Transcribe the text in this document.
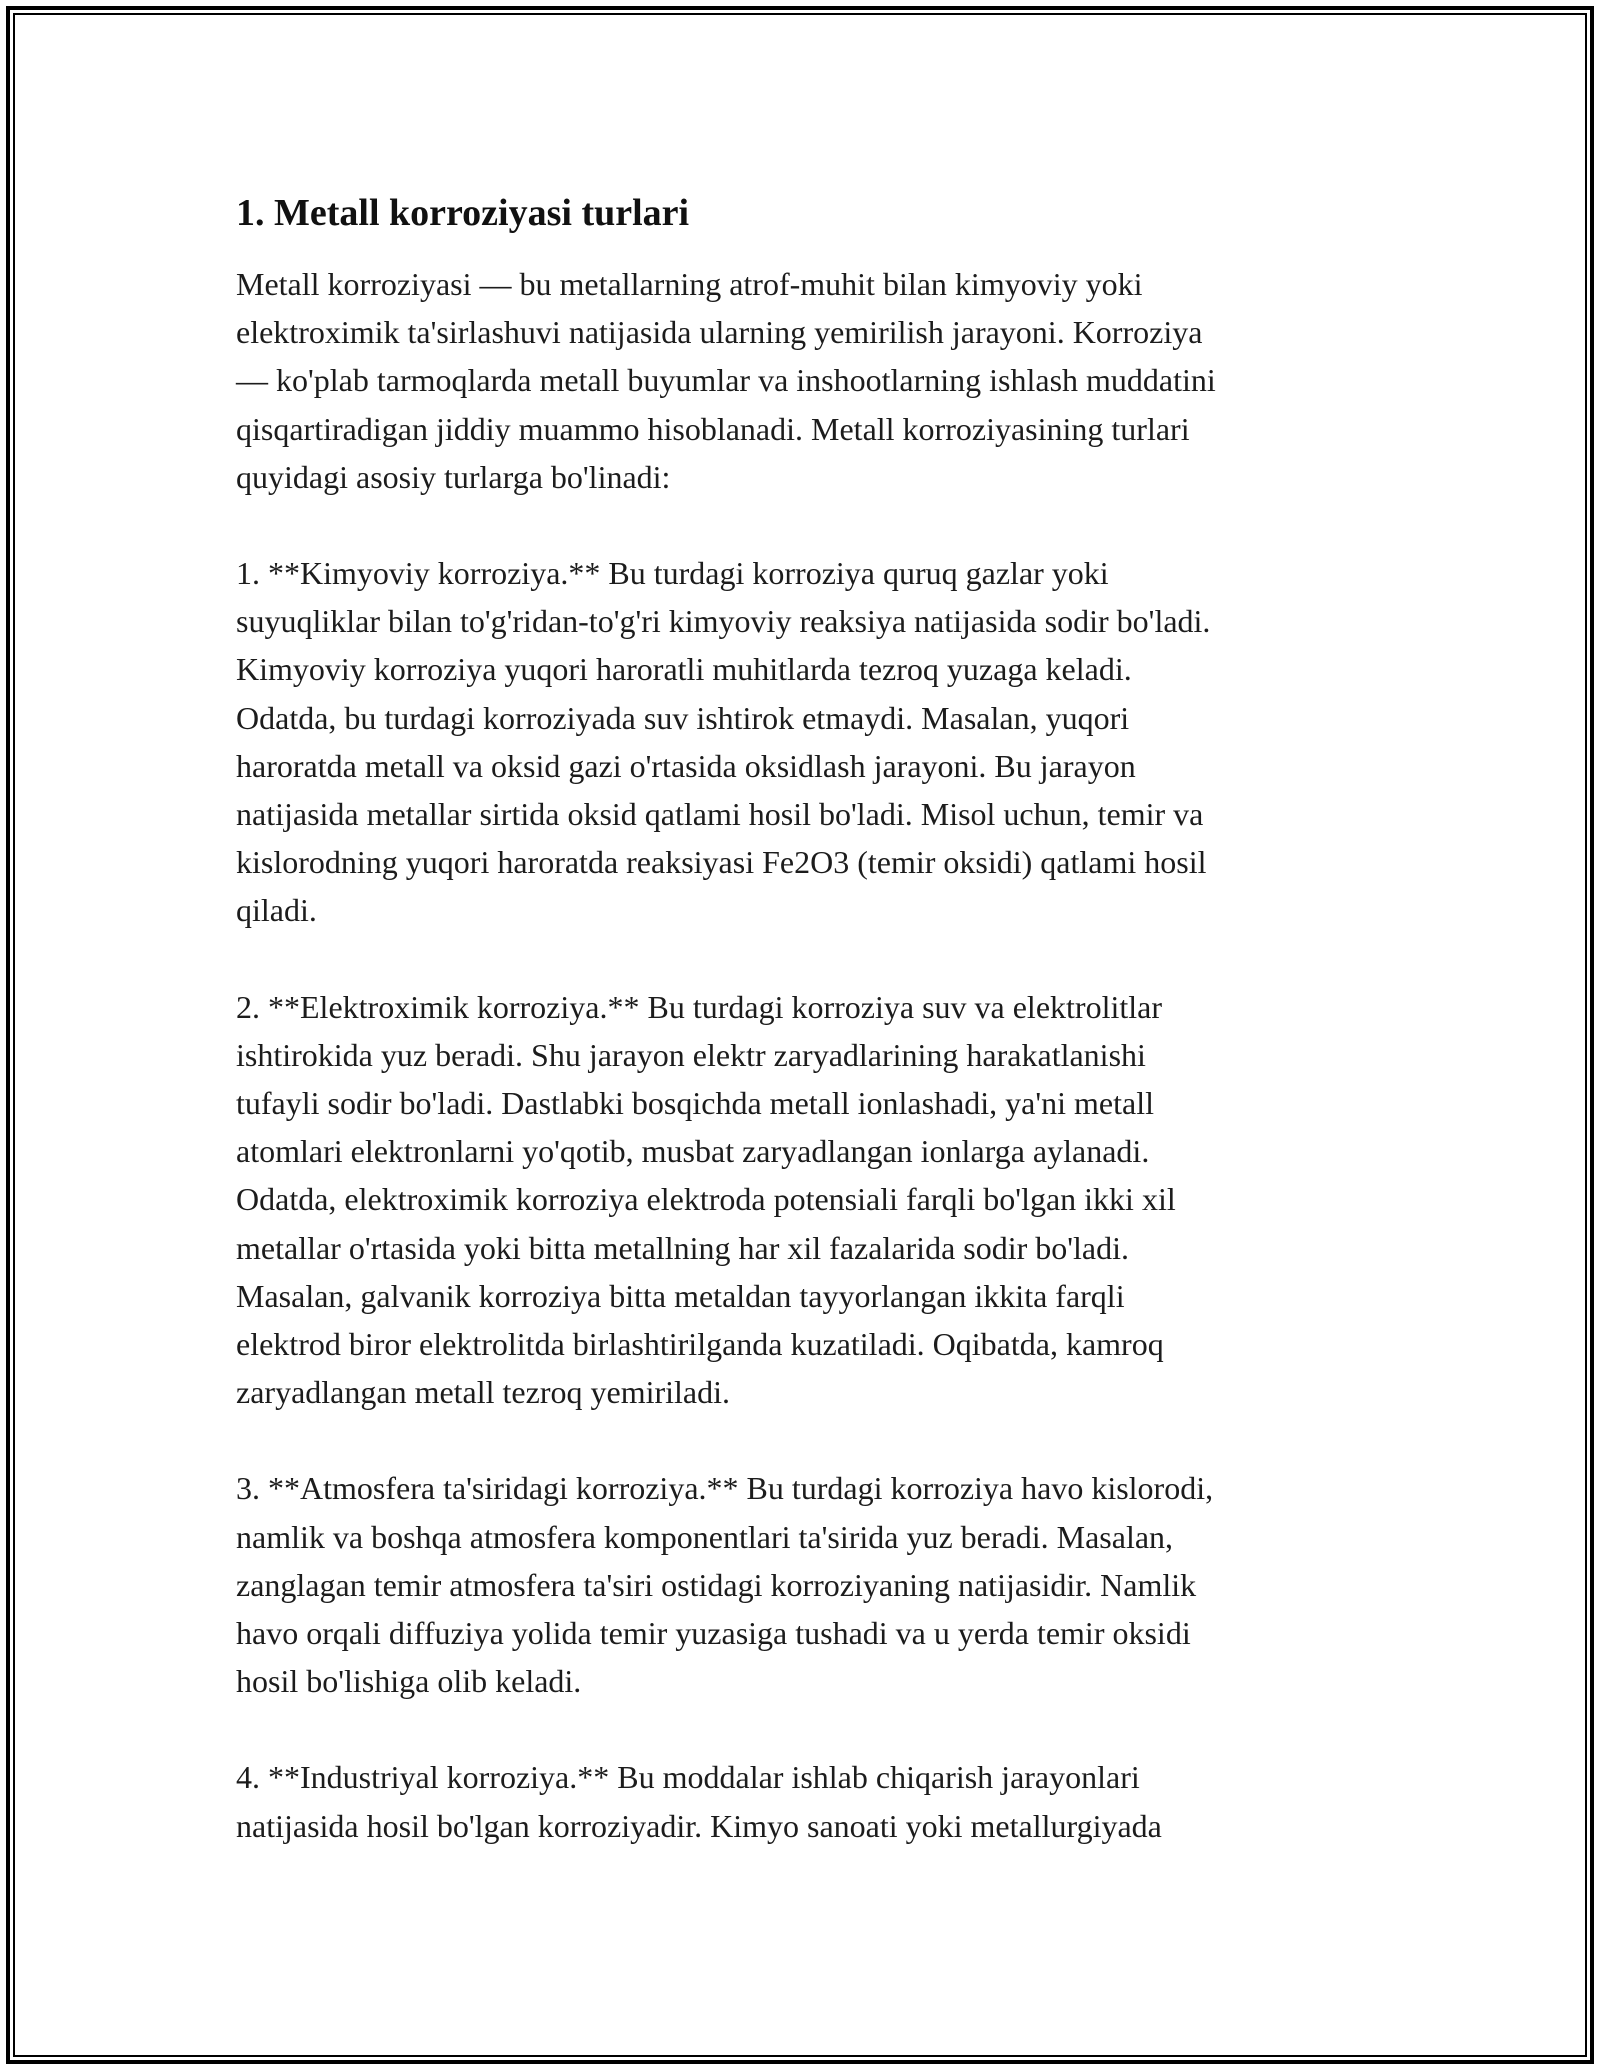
1. Metall korroziyasi turlari

Metall korroziyasi — bu metallarning atrof-muhit bilan kimyoviy yoki
elektroximik ta'sirlashuvi natijasida ularning yemirilish jarayoni. Korroziya
— ko'plab tarmoqlarda metall buyumlar va inshootlarning ishlash muddatini
qisqartiradigan jiddiy muammo hisoblanadi. Metall korroziyasining turlari
quyidagi asosiy turlarga bo'linadi:

1. **Kimyoviy korroziya.** Bu turdagi korroziya quruq gazlar yoki
suyuqliklar bilan to'g'ridan-to'g'ri kimyoviy reaksiya natijasida sodir bo'ladi.
Kimyoviy korroziya yuqori haroratli muhitlarda tezroq yuzaga keladi.
Odatda, bu turdagi korroziyada suv ishtirok etmaydi. Masalan, yuqori
haroratda metall va oksid gazi o'rtasida oksidlash jarayoni. Bu jarayon
natijasida metallar sirtida oksid qatlami hosil bo'ladi. Misol uchun, temir va
kislorodning yuqori haroratda reaksiyasi Fe2O3 (temir oksidi) qatlami hosil
qiladi.

2. **Elektroximik korroziya.** Bu turdagi korroziya suv va elektrolitlar
ishtirokida yuz beradi. Shu jarayon elektr zaryadlarining harakatlanishi
tufayli sodir bo'ladi. Dastlabki bosqichda metall ionlashadi, ya'ni metall
atomlari elektronlarni yo'qotib, musbat zaryadlangan ionlarga aylanadi.
Odatda, elektroximik korroziya elektroda potensiali farqli bo'lgan ikki xil
metallar o'rtasida yoki bitta metallning har xil fazalarida sodir bo'ladi.
Masalan, galvanik korroziya bitta metaldan tayyorlangan ikkita farqli
elektrod biror elektrolitda birlashtirilganda kuzatiladi. Oqibatda, kamroq
zaryadlangan metall tezroq yemiriladi.

3. **Atmosfera ta'siridagi korroziya.** Bu turdagi korroziya havo kislorodi,
namlik va boshqa atmosfera komponentlari ta'sirida yuz beradi. Masalan,
zanglagan temir atmosfera ta'siri ostidagi korroziyaning natijasidir. Namlik
havo orqali diffuziya yolida temir yuzasiga tushadi va u yerda temir oksidi
hosil bo'lishiga olib keladi.

4. **Industriyal korroziya.** Bu moddalar ishlab chiqarish jarayonlari
natijasida hosil bo'lgan korroziyadir. Kimyo sanoati yoki metallurgiyada
